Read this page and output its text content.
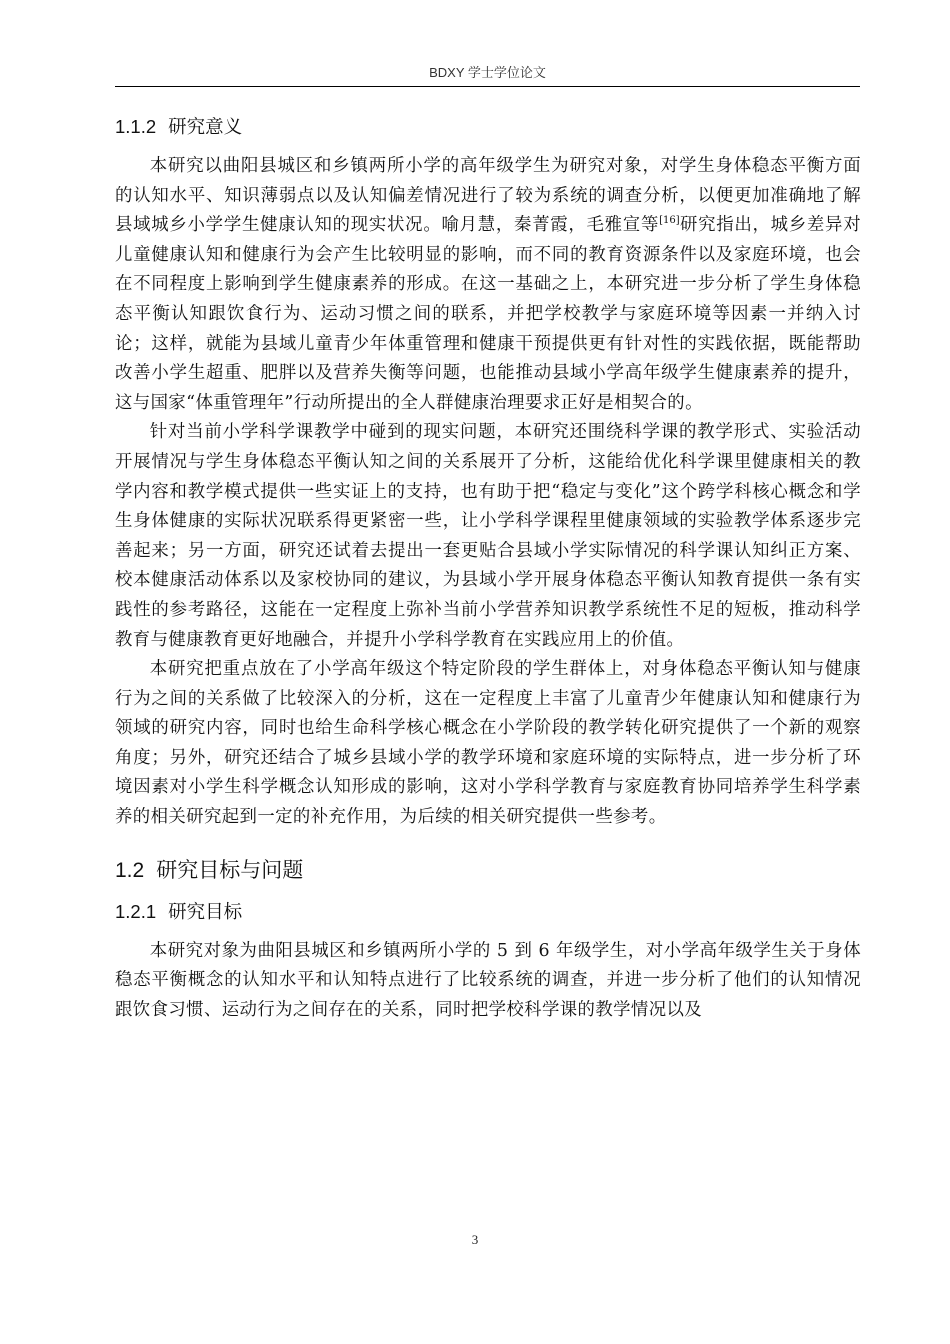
BDXY 学士学位论文
1.1.2 研究意义

本研究以曲阳县城区和乡镇两所小学的高年级学生为研究对象，对学生身体稳态平衡方面的认知水平、知识薄弱点以及认知偏差情况进行了较为系统的调查分析，以便更加准确地了解县域城乡小学学生健康认知的现实状况。喻月慧，秦菁霞，毛雅宣等[16]研究指出，城乡差异对儿童健康认知和健康行为会产生比较明显的影响，而不同的教育资源条件以及家庭环境，也会在不同程度上影响到学生健康素养的形成。在这一基础之上，本研究进一步分析了学生身体稳态平衡认知跟饮食行为、运动习惯之间的联系，并把学校教学与家庭环境等因素一并纳入讨论；这样，就能为县域儿童青少年体重管理和健康干预提供更有针对性的实践依据，既能帮助改善小学生超重、肥胖以及营养失衡等问题，也能推动县域小学高年级学生健康素养的提升，这与国家“体重管理年”行动所提出的全人群健康治理要求正好是相契合的。

针对当前小学科学课教学中碰到的现实问题，本研究还围绕科学课的教学形式、实验活动开展情况与学生身体稳态平衡认知之间的关系展开了分析，这能给优化科学课里健康相关的教学内容和教学模式提供一些实证上的支持，也有助于把“稳定与变化”这个跨学科核心概念和学生身体健康的实际状况联系得更紧密一些，让小学科学课程里健康领域的实验教学体系逐步完善起来；另一方面，研究还试着去提出一套更贴合县域小学实际情况的科学课认知纠正方案、校本健康活动体系以及家校协同的建议，为县域小学开展身体稳态平衡认知教育提供一条有实践性的参考路径，这能在一定程度上弥补当前小学营养知识教学系统性不足的短板，推动科学教育与健康教育更好地融合，并提升小学科学教育在实践应用上的价值。

本研究把重点放在了小学高年级这个特定阶段的学生群体上，对身体稳态平衡认知与健康行为之间的关系做了比较深入的分析，这在一定程度上丰富了儿童青少年健康认知和健康行为领域的研究内容，同时也给生命科学核心概念在小学阶段的教学转化研究提供了一个新的观察角度；另外，研究还结合了城乡县域小学的教学环境和家庭环境的实际特点，进一步分析了环境因素对小学生科学概念认知形成的影响，这对小学科学教育与家庭教育协同培养学生科学素养的相关研究起到一定的补充作用，为后续的相关研究提供一些参考。

1.2 研究目标与问题
1.2.1 研究目标

本研究对象为曲阳县城区和乡镇两所小学的 5 到 6 年级学生，对小学高年级学生关于身体稳态平衡概念的认知水平和认知特点进行了比较系统的调查，并进一步分析了他们的认知情况跟饮食习惯、运动行为之间存在的关系，同时把学校科学课的教学情况以及

3
